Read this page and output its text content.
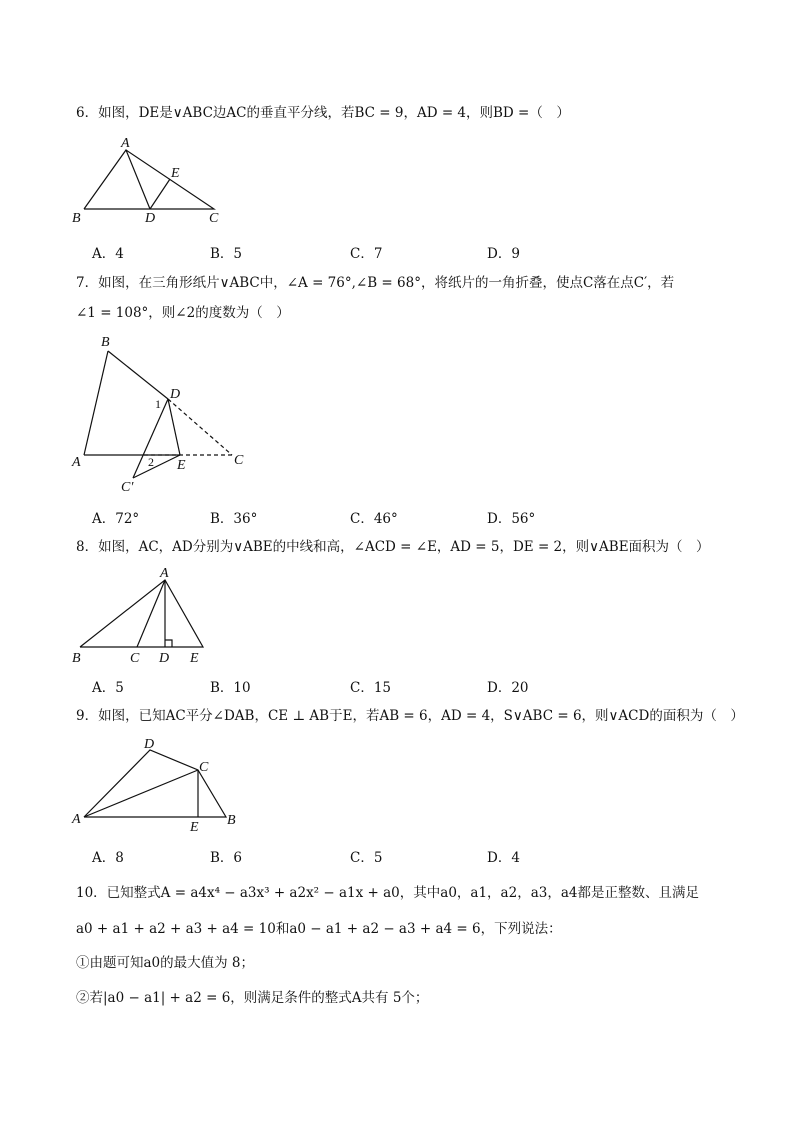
6．如图，DE是∨ABC边AC的垂直平分线，若BC = 9，AD = 4，则BD =（　）
A
B	C
D
E
A．4	B．5	C．7	D．9
7．如图，在三角形纸片∨ABC中，∠A = 76°,∠B = 68°，将纸片的一角折叠，使点C落在点C′，若
∠1 = 108°，则∠2的度数为（　）
B
D
1
A	2 E	C
C′
A．72°	B．36°	C．46°	D．56°
8．如图，AC，AD分别为∨ABE的中线和高，∠ACD = ∠E，AD = 5，DE = 2，则∨ABE面积为（　）
A
B	C D E
A．5	B．10	C．15	D．20
9．如图，已知AC平分∠DAB，CE ⊥ AB于E，若AB = 6，AD = 4，S∨ABC = 6，则∨ACD的面积为（　）
D
C
A
E B
A．8	B．6	C．5	D．4
10．已知整式A = a4x⁴ − a3x³ + a2x² − a1x + a0，其中a0，a1，a2，a3，a4都是正整数、且满足
a0 + a1 + a2 + a3 + a4 = 10和a0 − a1 + a2 − a3 + a4 = 6，下列说法：
①由题可知a0的最大值为 8；
②若|a0 − a1| + a2 = 6，则满足条件的整式A共有 5个；
